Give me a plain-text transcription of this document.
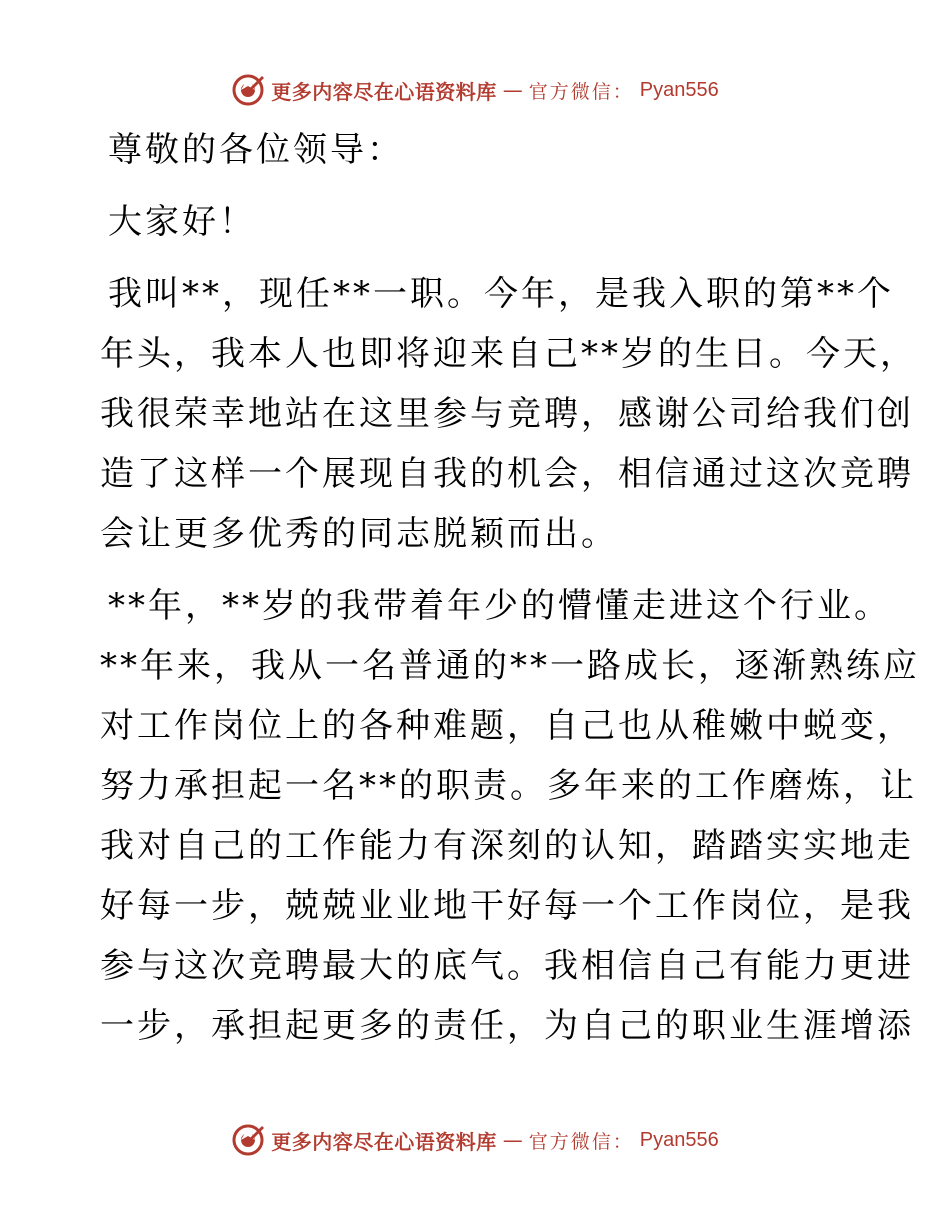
更多内容尽在心语资料库 — 官方微信： Pyan556
尊敬的各位领导：
大家好！
我叫**，现任**一职。今年，是我入职的第**个
年头，我本人也即将迎来自己**岁的生日。今天，
我很荣幸地站在这里参与竞聘，感谢公司给我们创
造了这样一个展现自我的机会，相信通过这次竞聘
会让更多优秀的同志脱颖而出。
**年，**岁的我带着年少的懵懂走进这个行业。
**年来，我从一名普通的**一路成长，逐渐熟练应
对工作岗位上的各种难题，自己也从稚嫩中蜕变，
努力承担起一名**的职责。多年来的工作磨炼，让
我对自己的工作能力有深刻的认知，踏踏实实地走
好每一步，兢兢业业地干好每一个工作岗位，是我
参与这次竞聘最大的底气。我相信自己有能力更进
一步，承担起更多的责任，为自己的职业生涯增添
更多内容尽在心语资料库 — 官方微信： Pyan556
